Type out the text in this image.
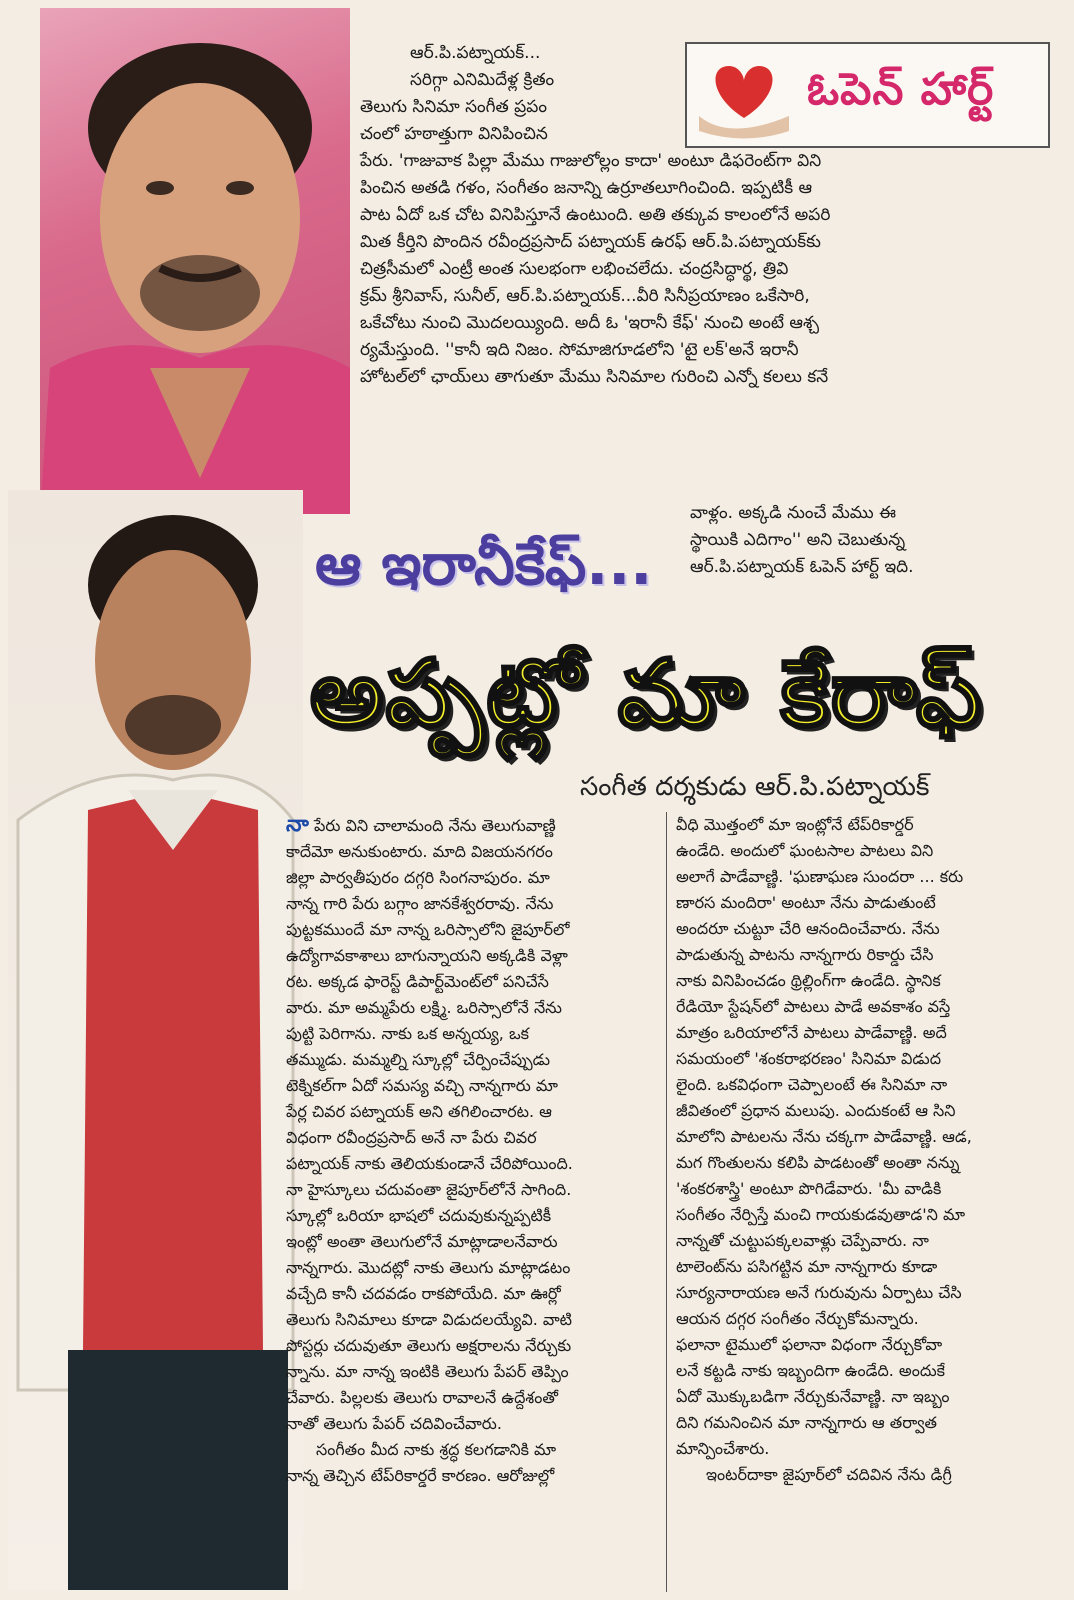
ఓపెన్ హార్ట్
ఆర్.పి.పట్నాయక్...
సరిగ్గా ఎనిమిదేళ్ల క్రితం
తెలుగు సినిమా సంగీత ప్రపం
చంలో హఠాత్తుగా వినిపించిన
పేరు. 'గాజువాక పిల్లా మేము గాజులోల్లం కాదా' అంటూ డిఫరెంట్‌గా విని
పించిన అతడి గళం, సంగీతం జనాన్ని ఉర్రూతలూగించింది. ఇప్పటికీ ఆ
పాట ఏదో ఒక చోట వినిపిస్తూనే ఉంటుంది. అతి తక్కువ కాలంలోనే అపరి
మిత కీర్తిని పొందిన రవీంద్రప్రసాద్ పట్నాయక్ ఉరఫ్ ఆర్.పి.పట్నాయక్‌కు
చిత్రసీమలో ఎంట్రీ అంత సులభంగా లభించలేదు. చంద్రసిద్ధార్థ, త్రివి
క్రమ్ శ్రీనివాస్, సునీల్, ఆర్.పి.పట్నాయక్...వీరి సినీప్రయాణం ఒకేసారి,
ఒకేచోటు నుంచి మొదలయ్యింది. అదీ ఓ 'ఇరానీ కేఫ్' నుంచి అంటే ఆశ్చ
ర్యమేస్తుంది. ''కానీ ఇది నిజం. సోమాజిగూడలోని 'టై లక్'అనే ఇరానీ
హోటల్‌లో ఛాయ్‌లు తాగుతూ మేము సినిమాల గురించి ఎన్నో కలలు కనే
వాళ్లం. అక్కడి నుంచే మేము ఈ
స్థాయికి ఎదిగాం'' అని చెబుతున్న
ఆర్.పి.పట్నాయక్ ఓపెన్ హార్ట్ ఇది.
ఆ ఇరానీకేఫ్...
అప్పట్లో మా కేరాఫ్
సంగీత దర్శకుడు ఆర్.పి.పట్నాయక్
నా పేరు విని చాలామంది నేను తెలుగువాణ్ణి
కాదేమో అనుకుంటారు. మాది విజయనగరం
జిల్లా పార్వతీపురం దగ్గరి సింగనాపురం. మా
నాన్న గారి పేరు బగ్గాం జానకేశ్వరరావు. నేను
పుట్టకముందే మా నాన్న ఒరిస్సాలోని జైపూర్‌లో
ఉద్యోగావకాశాలు బాగున్నాయని అక్కడికి వెళ్లా
రట. అక్కడ ఫారెస్ట్ డిపార్ట్‌మెంట్‌లో పనిచేసే
వారు. మా అమ్మపేరు లక్ష్మి. ఒరిస్సాలోనే నేను
పుట్టి పెరిగాను. నాకు ఒక అన్నయ్య, ఒక
తమ్ముడు. మమ్మల్ని స్కూల్లో చేర్పించేప్పుడు
టెక్నికల్‌గా ఏదో సమస్య వచ్చి నాన్నగారు మా
పేర్ల చివర పట్నాయక్ అని తగిలించారట. ఆ
విధంగా రవీంద్రప్రసాద్ అనే నా పేరు చివర
పట్నాయక్ నాకు తెలియకుండానే చేరిపోయింది.
నా హైస్కూలు చదువంతా జైపూర్‌లోనే సాగింది.
స్కూల్లో ఒరియా భాషలో చదువుకున్నప్పటికీ
ఇంట్లో అంతా తెలుగులోనే మాట్లాడాలనేవారు
నాన్నగారు. మొదట్లో నాకు తెలుగు మాట్లాడటం
వచ్చేది కానీ చదవడం రాకపోయేది. మా ఊర్లో
తెలుగు సినిమాలు కూడా విడుదలయ్యేవి. వాటి
పోస్టర్లు చదువుతూ తెలుగు అక్షరాలను నేర్చుకు
న్నాను. మా నాన్న ఇంటికి తెలుగు పేపర్ తెప్పిం
చేవారు. పిల్లలకు తెలుగు రావాలనే ఉద్దేశంతో
నాతో తెలుగు పేపర్ చదివించేవారు.
సంగీతం మీద నాకు శ్రద్ధ కలగడానికి మా
నాన్న తెచ్చిన టేప్‌రికార్డరే కారణం. ఆరోజుల్లో
వీధి మొత్తంలో మా ఇంట్లోనే టేప్‌రికార్డర్
ఉండేది. అందులో ఘంటసాల పాటలు విని
అలాగే పాడేవాణ్ణి. 'ఘణాఘణ సుందరా ... కరు
ణారస మందిరా' అంటూ నేను పాడుతుంటే
అందరూ చుట్టూ చేరి ఆనందించేవారు. నేను
పాడుతున్న పాటను నాన్నగారు రికార్డు చేసి
నాకు వినిపించడం థ్రిల్లింగ్‌గా ఉండేది. స్థానిక
రేడియో స్టేషన్‌లో పాటలు పాడే అవకాశం వస్తే
మాత్రం ఒరియాలోనే పాటలు పాడేవాణ్ణి. అదే
సమయంలో 'శంకరాభరణం' సినిమా విడుద
లైంది. ఒకవిధంగా చెప్పాలంటే ఈ సినిమా నా
జీవితంలో ప్రధాన మలుపు. ఎందుకంటే ఆ సిని
మాలోని పాటలను నేను చక్కగా పాడేవాణ్ణి. ఆడ,
మగ గొంతులను కలిపి పాడటంతో అంతా నన్ను
'శంకరశాస్త్రి' అంటూ పొగిడేవారు. 'మీ వాడికి
సంగీతం నేర్పిస్తే మంచి గాయకుడవుతాడ'ని మా
నాన్నతో చుట్టుపక్కలవాళ్లు చెప్పేవారు. నా
టాలెంట్‌ను పసిగట్టిన మా నాన్నగారు కూడా
సూర్యనారాయణ అనే గురువును ఏర్పాటు చేసి
ఆయన దగ్గర సంగీతం నేర్చుకోమన్నారు.
ఫలానా టైములో ఫలానా విధంగా నేర్చుకోవా
లనే కట్టడి నాకు ఇబ్బందిగా ఉండేది. అందుకే
ఏదో మొక్కుబడిగా నేర్చుకునేవాణ్ణి. నా ఇబ్బం
దిని గమనించిన మా నాన్నగారు ఆ తర్వాత
మాన్పించేశారు.
ఇంటర్‌దాకా జైపూర్‌లో చదివిన నేను డిగ్రీ
